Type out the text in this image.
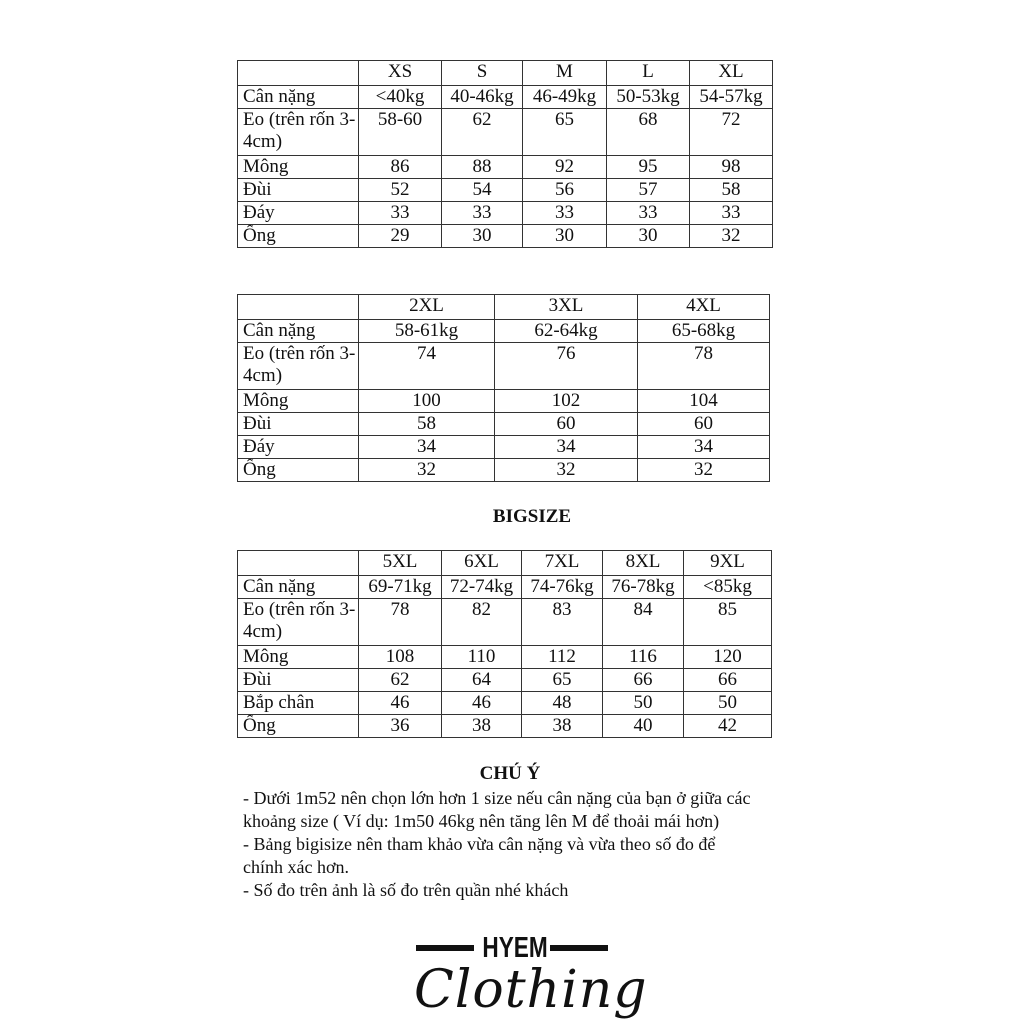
	XS	S	M	L	XL
Cân nặng	<40kg	40-46kg	46-49kg	50-53kg	54-57kg
Eo (trên rốn 3-4cm)	58-60	62	65	68	72
Mông	86	88	92	95	98
Đùi	52	54	56	57	58
Đáy	33	33	33	33	33
Ống	29	30	30	30	32
	2XL	3XL	4XL
Cân nặng	58-61kg	62-64kg	65-68kg
Eo (trên rốn 3-4cm)	74	76	78
Mông	100	102	104
Đùi	58	60	60
Đáy	34	34	34
Ống	32	32	32
BIGSIZE
	5XL	6XL	7XL	8XL	9XL
Cân nặng	69-71kg	72-74kg	74-76kg	76-78kg	<85kg
Eo (trên rốn 3-4cm)	78	82	83	84	85
Mông	108	110	112	116	120
Đùi	62	64	65	66	66
Bắp chân	46	46	48	50	50
Ống	36	38	38	40	42
CHÚ Ý
- Dưới 1m52 nên chọn lớn hơn 1 size nếu cân nặng của bạn ở giữa các
khoảng size ( Ví dụ: 1m50 46kg nên tăng lên M để thoải mái hơn)
- Bảng bigisize nên tham khảo vừa cân nặng và vừa theo số đo để
chính xác hơn.
- Số đo trên ảnh là số đo trên quần nhé khách
HYEM
Clothing
